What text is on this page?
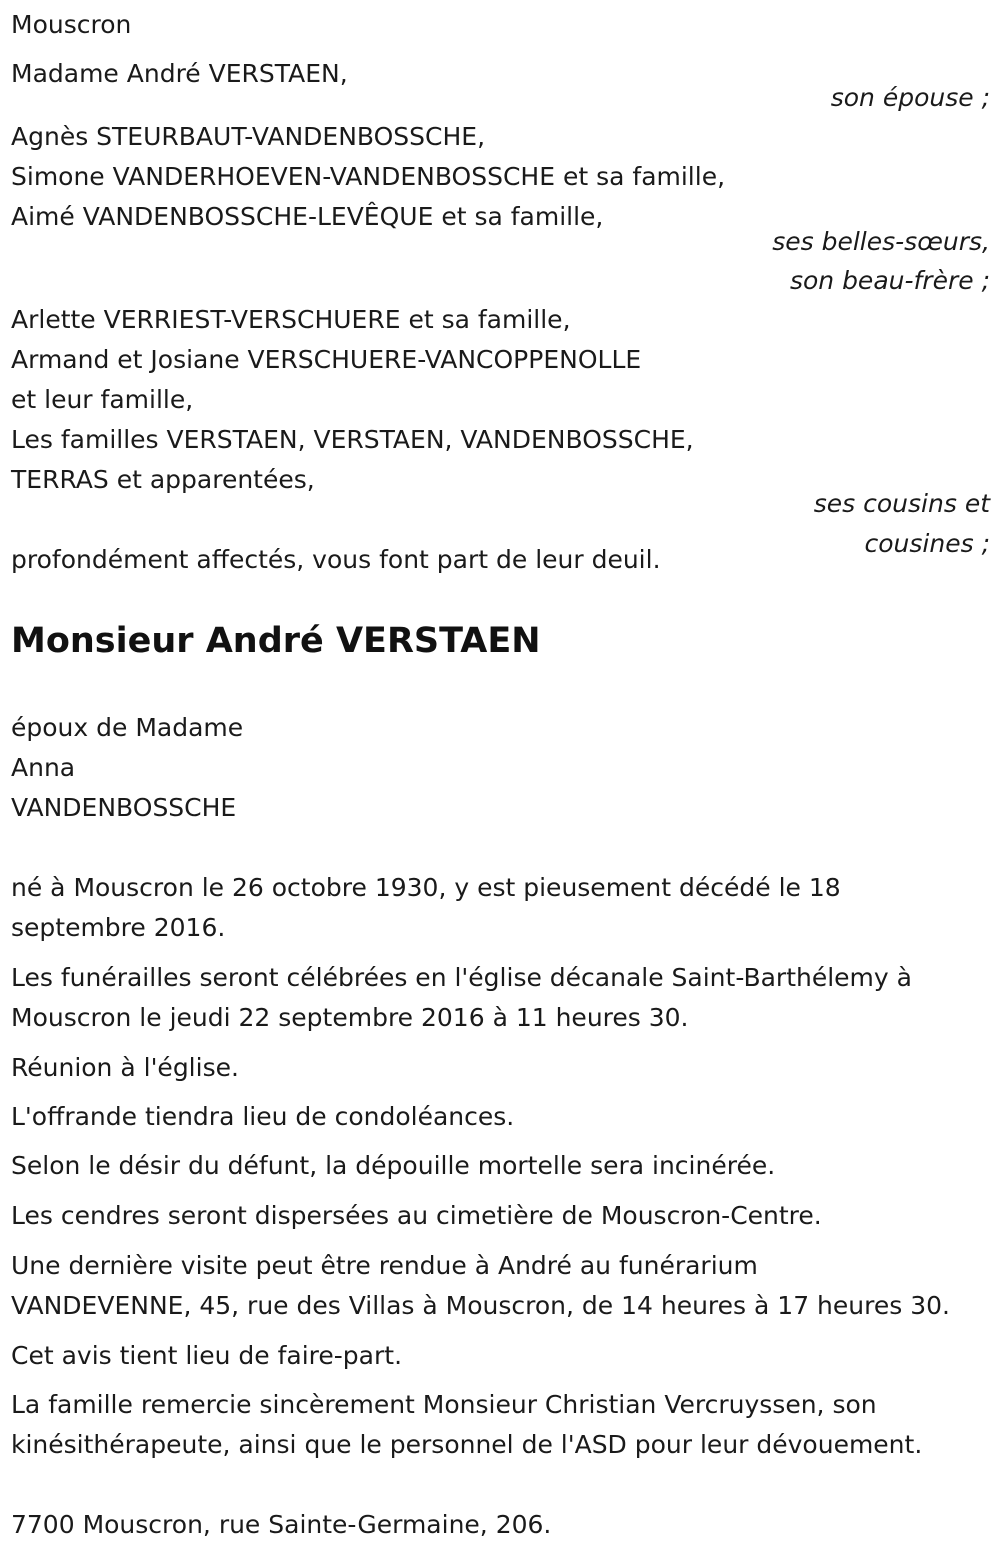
Mouscron
Madame André VERSTAEN,
son épouse ;
Agnès STEURBAUT-VANDENBOSSCHE,
Simone VANDERHOEVEN-VANDENBOSSCHE et sa famille,
Aimé VANDENBOSSCHE-LEVÊQUE et sa famille,
ses belles-sœurs,
son beau-frère ;
Arlette VERRIEST-VERSCHUERE et sa famille,
Armand et Josiane VERSCHUERE-VANCOPPENOLLE
et leur famille,
Les familles VERSTAEN, VERSTAEN, VANDENBOSSCHE,
TERRAS et apparentées,
ses cousins et
cousines ;
profondément affectés, vous font part de leur deuil.
Monsieur André VERSTAEN
époux de Madame
Anna
VANDENBOSSCHE
né à Mouscron le 26 octobre 1930, y est pieusement décédé le 18
septembre 2016.
Les funérailles seront célébrées en l'église décanale Saint-Barthélemy à
Mouscron le jeudi 22 septembre 2016 à 11 heures 30.
Réunion à l'église.
L'offrande tiendra lieu de condoléances.
Selon le désir du défunt, la dépouille mortelle sera incinérée.
Les cendres seront dispersées au cimetière de Mouscron-Centre.
Une dernière visite peut être rendue à André au funérarium
VANDEVENNE, 45, rue des Villas à Mouscron, de 14 heures à 17 heures 30.
Cet avis tient lieu de faire-part.
La famille remercie sincèrement Monsieur Christian Vercruyssen, son
kinésithérapeute, ainsi que le personnel de l'ASD pour leur dévouement.
7700 Mouscron, rue Sainte-Germaine, 206.
